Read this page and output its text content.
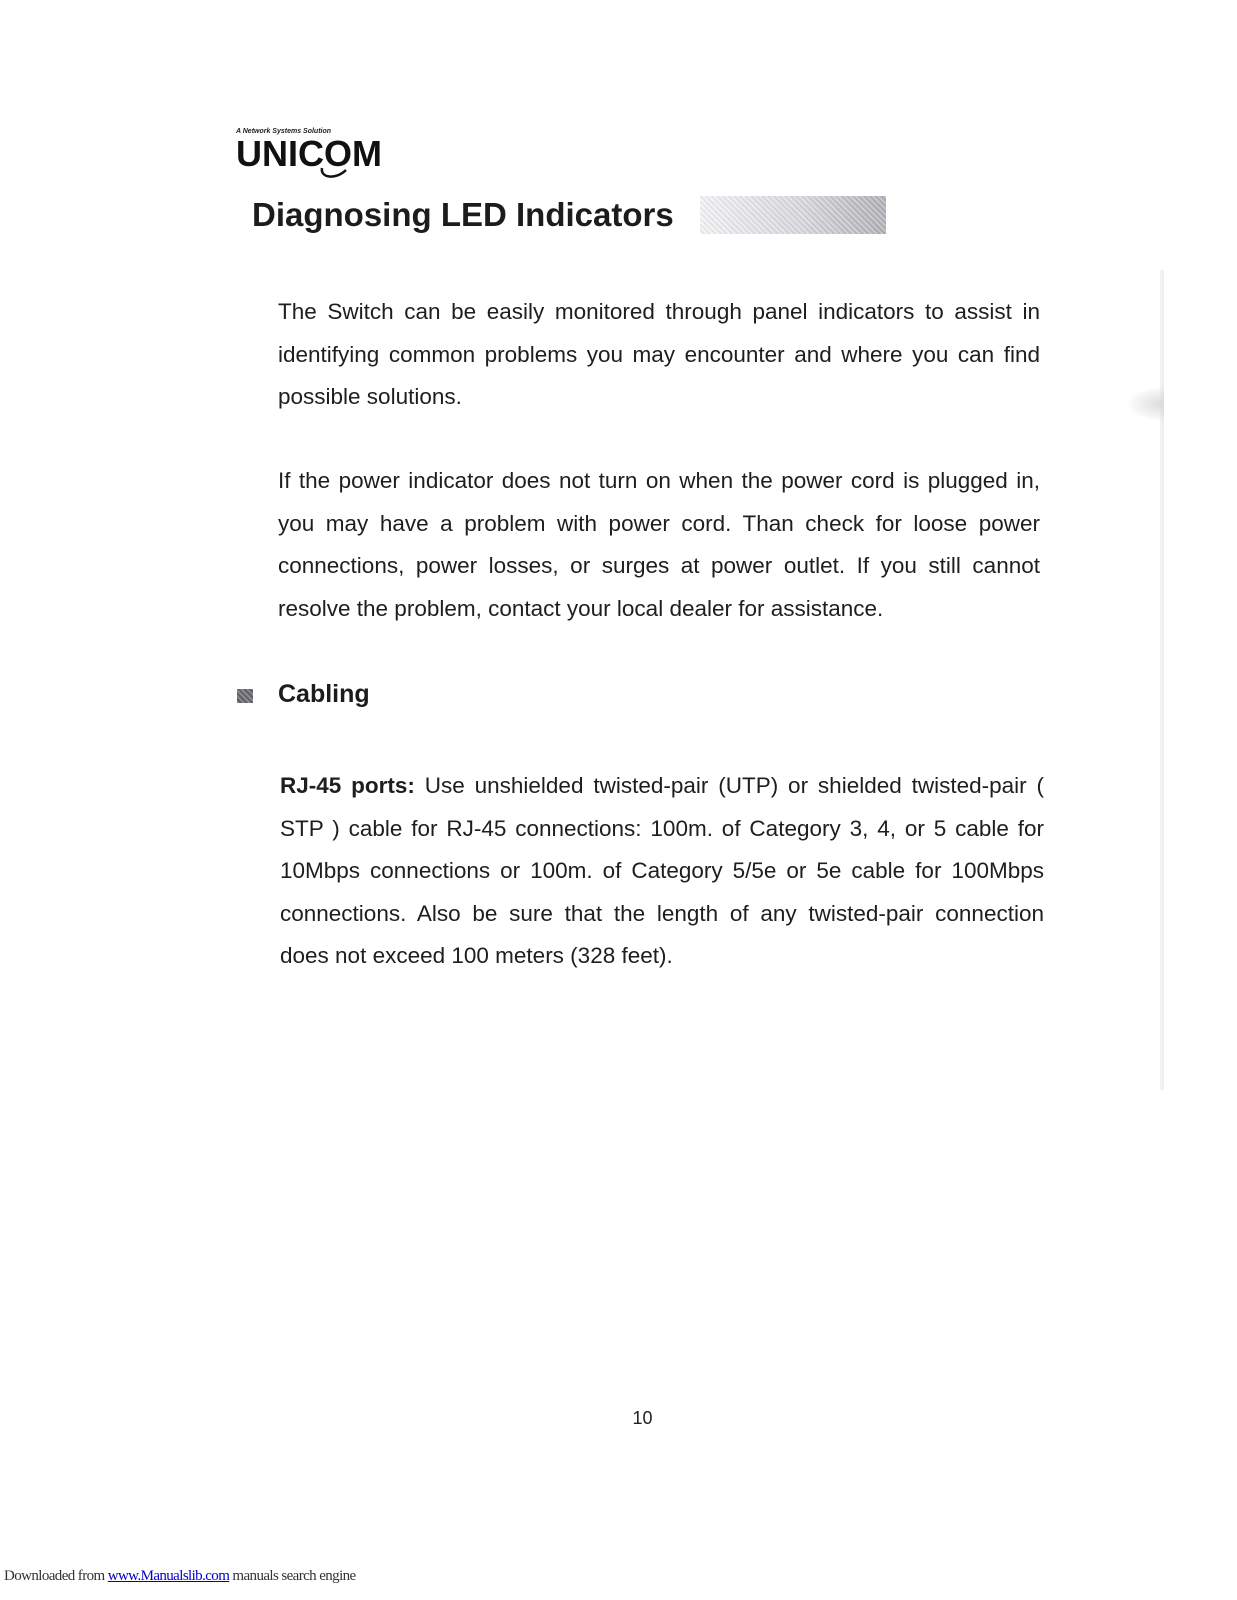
A Network Systems Solution
UNICOM
Diagnosing LED Indicators

The Switch can be easily monitored through panel indicators to assist in identifying common problems you may encounter and where you can find possible solutions.

If the power indicator does not turn on when the power cord is plugged in, you may have a problem with power cord. Than check for loose power connections, power losses, or surges at power outlet. If you still cannot resolve the problem, contact your local dealer for assistance.

Cabling

RJ-45 ports: Use unshielded twisted-pair (UTP) or shielded twisted-pair ( STP ) cable for RJ-45 connections: 100m. of Category 3, 4, or 5 cable for 10Mbps connections or 100m. of Category 5/5e or 5e cable for 100Mbps connections. Also be sure that the length of any twisted-pair connection does not exceed 100 meters (328 feet).

10
Downloaded from www.Manualslib.com manuals search engine
